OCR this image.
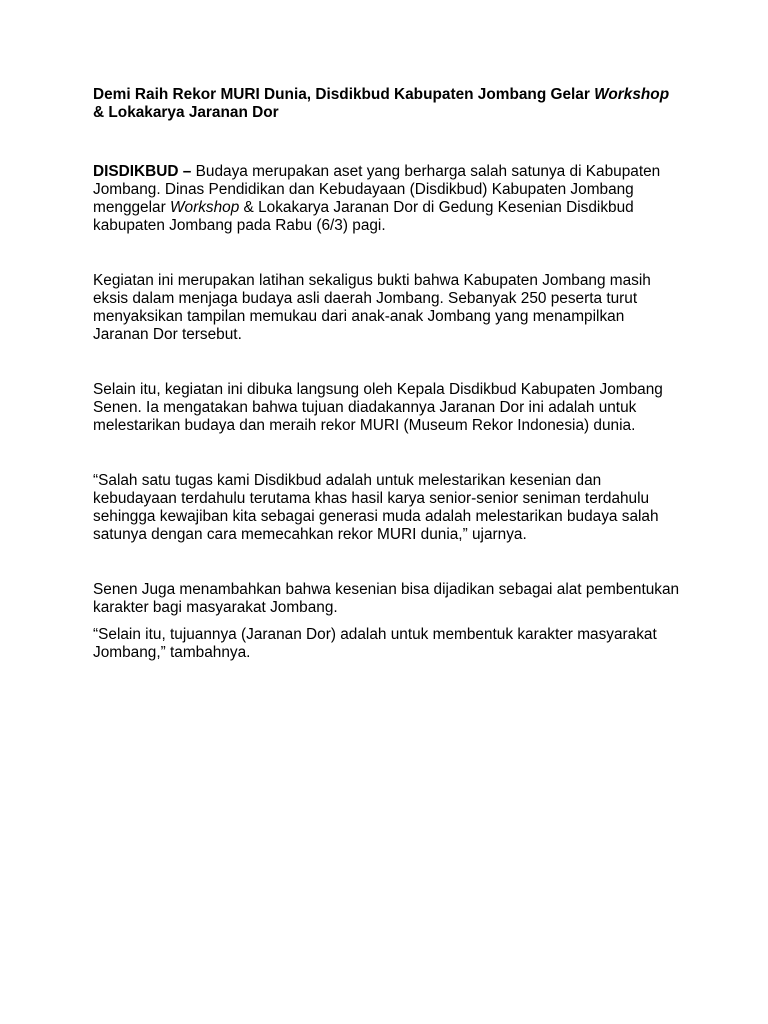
Demi Raih Rekor MURI Dunia, Disdikbud Kabupaten Jombang Gelar Workshop & Lokakarya Jaranan Dor

DISDIKBUD – Budaya merupakan aset yang berharga salah satunya di Kabupaten Jombang. Dinas Pendidikan dan Kebudayaan (Disdikbud) Kabupaten Jombang menggelar Workshop & Lokakarya Jaranan Dor di Gedung Kesenian Disdikbud kabupaten Jombang pada Rabu (6/3) pagi.

Kegiatan ini merupakan latihan sekaligus bukti bahwa Kabupaten Jombang masih eksis dalam menjaga budaya asli daerah Jombang. Sebanyak 250 peserta turut menyaksikan tampilan memukau dari anak-anak Jombang yang menampilkan Jaranan Dor tersebut.

Selain itu, kegiatan ini dibuka langsung oleh Kepala Disdikbud Kabupaten Jombang Senen. Ia mengatakan bahwa tujuan diadakannya Jaranan Dor ini adalah untuk melestarikan budaya dan meraih rekor MURI (Museum Rekor Indonesia) dunia.

“Salah satu tugas kami Disdikbud adalah untuk melestarikan kesenian dan kebudayaan terdahulu terutama khas hasil karya senior-senior seniman terdahulu sehingga kewajiban kita sebagai generasi muda adalah melestarikan budaya salah satunya dengan cara memecahkan rekor MURI dunia,” ujarnya.

Senen Juga menambahkan bahwa kesenian bisa dijadikan sebagai alat pembentukan karakter bagi masyarakat Jombang.

“Selain itu, tujuannya (Jaranan Dor) adalah untuk membentuk karakter masyarakat Jombang,” tambahnya.
